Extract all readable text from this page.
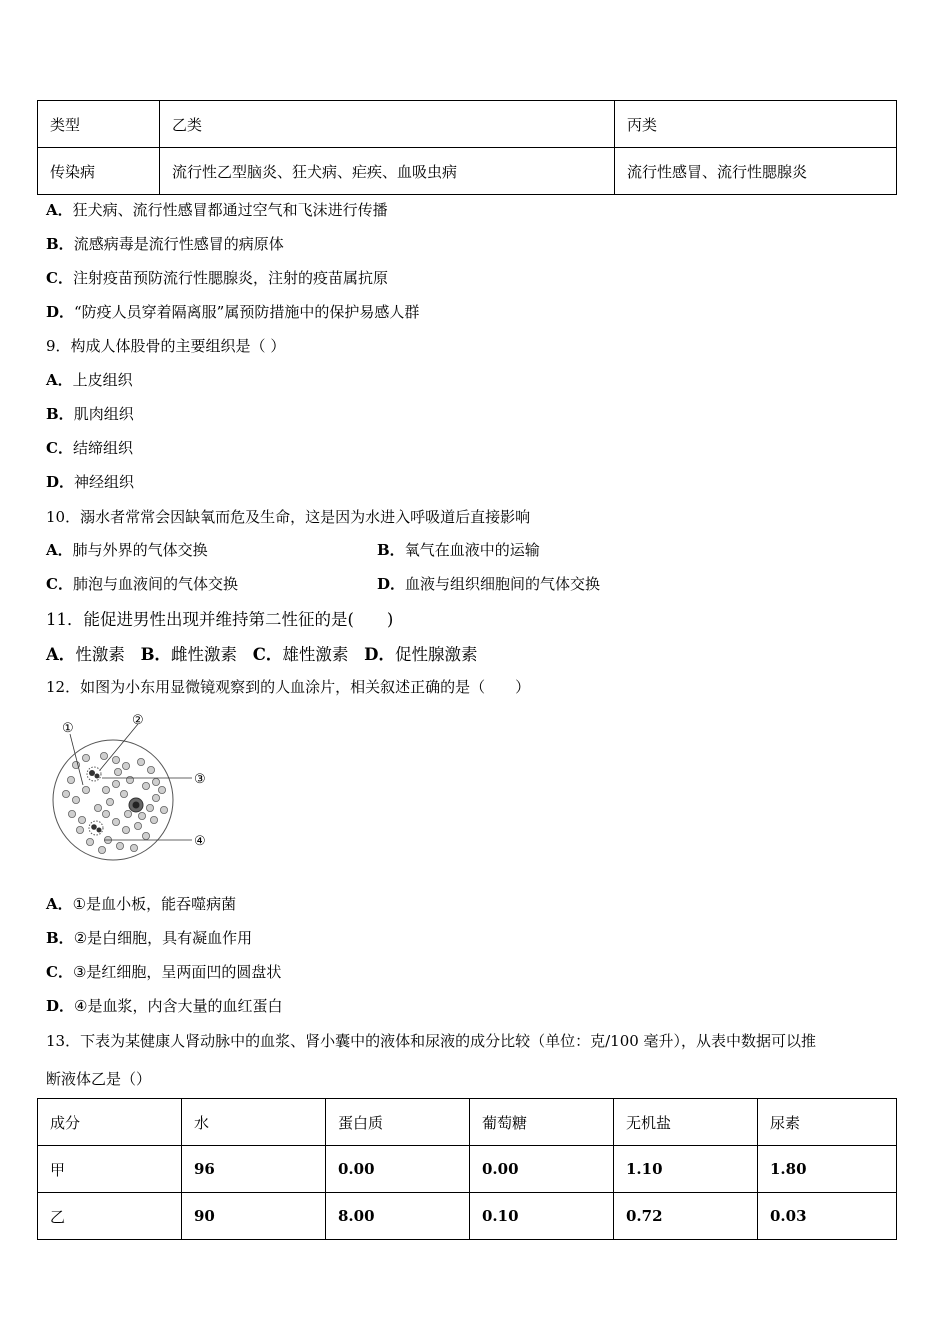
类型	乙类	丙类
传染病	流行性乙型脑炎、狂犬病、疟疾、血吸虫病	流行性感冒、流行性腮腺炎
A．狂犬病、流行性感冒都通过空气和飞沫进行传播
B．流感病毒是流行性感冒的病原体
C．注射疫苗预防流行性腮腺炎，注射的疫苗属抗原
D．“防疫人员穿着隔离服”属预防措施中的保护易感人群
9．构成人体股骨的主要组织是（ ）
A．上皮组织
B．肌肉组织
C．结缔组织
D．神经组织
10．溺水者常常会因缺氧而危及生命，这是因为水进入呼吸道后直接影响
A．肺与外界的气体交换	B．氧气在血液中的运输
C．肺泡与血液间的气体交换	D．血液与组织细胞间的气体交换
11．能促进男性出现并维持第二性征的是(　　)
A．性激素 B．雌性激素 C．雄性激素 D．促性腺激素
12．如图为小东用显微镜观察到的人血涂片，相关叙述正确的是（　　）
①
②
③
④
A．①是血小板，能吞噬病菌
B．②是白细胞，具有凝血作用
C．③是红细胞，呈两面凹的圆盘状
D．④是血浆，内含大量的血红蛋白
13．下表为某健康人肾动脉中的血浆、肾小囊中的液体和尿液的成分比较（单位：克/100 毫升），从表中数据可以推
断液体乙是（）
成分	水	蛋白质	葡萄糖	无机盐	尿素
甲	96	0.00	0.00	1.10	1.80
乙	90	8.00	0.10	0.72	0.03
